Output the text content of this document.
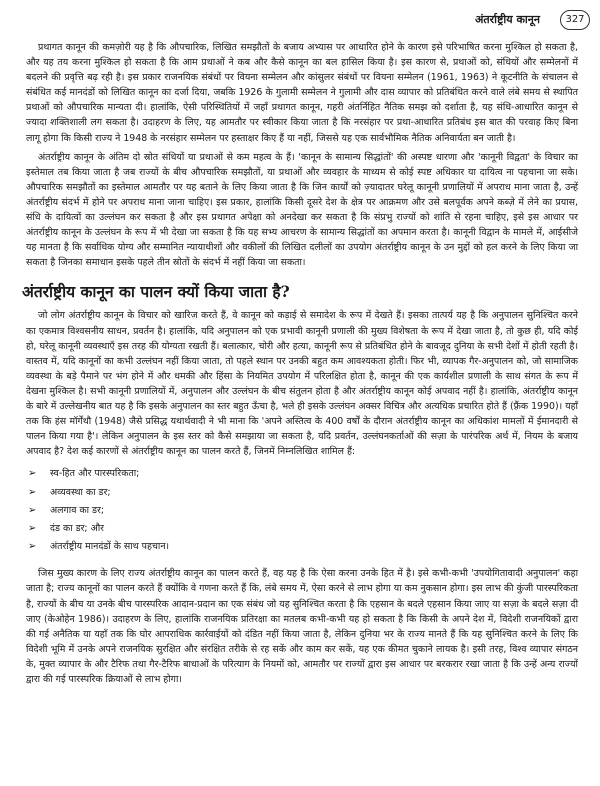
अंतर्राष्ट्रीय कानून	327

प्रथागत कानून की कमज़ोरी यह है कि औपचारिक, लिखित समझौतों के बजाय अभ्यास पर आधारित होने के कारण इसे परिभाषित करना मुश्किल हो सकता है, और यह तय करना मुश्किल हो सकता है कि आम प्रथाओं ने कब और कैसे कानून का बल हासिल किया है। इस कारण से, प्रथाओं को, संधियों और सम्मेलनों में बदलने की प्रवृत्ति बढ़ रही है। इस प्रकार राजनयिक संबंधों पर वियना सम्मेलन और कांसुलर संबंधों पर वियना सम्मेलन (1961, 1963) ने कूटनीति के संचालन से संबंधित कई मानदंडों को लिखित कानून का दर्जा दिया, जबकि 1926 के गुलामी सम्मेलन ने गुलामी और दास व्यापार को प्रतिबंधित करने वाले लंबे समय से स्थापित प्रथाओं को औपचारिक मान्यता दी। हालांकि, ऐसी परिस्थितियों में जहाँ प्रथागत कानून, गहरी अंतर्निहित नैतिक समझ को दर्शाता है, यह संधि-आधारित कानून से ज्यादा शक्तिशाली लग सकता है। उदाहरण के लिए, यह आमतौर पर स्वीकार किया जाता है कि नरसंहार पर प्रथा-आधारित प्रतिबंध इस बात की परवाह किए बिना लागू होगा कि किसी राज्य ने 1948 के नरसंहार सम्मेलन पर हस्ताक्षर किए हैं या नहीं, जिससे यह एक सार्वभौमिक नैतिक अनिवार्यता बन जाती है।

अंतर्राष्ट्रीय कानून के अंतिम दो स्रोत संधियों या प्रथाओं से कम महत्व के हैं। 'कानून के सामान्य सिद्धांतों' की अस्पष्ट धारणा और 'कानूनी विद्वता' के विचार का इस्तेमाल तब किया जाता है जब राज्यों के बीच औपचारिक समझौतों, या प्रथाओं और व्यवहार के माध्यम से कोई स्पष्ट अधिकार या दायित्व ना पहचाना जा सके। औपचारिक समझौतों का इस्तेमाल आमतौर पर यह बताने के लिए किया जाता है कि जिन कार्यों को ज़्यादातर घरेलू कानूनी प्रणालियों में अपराध माना जाता है, उन्हें अंतर्राष्ट्रीय संदर्भ में होने पर अपराध माना जाना चाहिए। इस प्रकार, हालांकि किसी दूसरे देश के क्षेत्र पर आक्रमण और उसे बलपूर्वक अपने कब्ज़े में लेने का प्रयास, संधि के दायित्वों का उल्लंघन कर सकता है और इस प्रथागत अपेक्षा को अनदेखा कर सकता है कि संप्रभु राज्यों को शांति से रहना चाहिए, इसे इस आधार पर अंतर्राष्ट्रीय कानून के उल्लंघन के रूप में भी देखा जा सकता है कि यह सभ्य आचरण के सामान्य सिद्धांतों का अपमान करता है। कानूनी विद्वान के मामले में, आईसीजे यह मानता है कि सर्वाधिक योग्य और सम्मानित न्यायाधीशों और वकीलों की लिखित दलीलों का उपयोग अंतर्राष्ट्रीय कानून के उन मुद्दों को हल करने के लिए किया जा सकता है जिनका समाधान इसके पहले तीन स्रोतों के संदर्भ में नहीं किया जा सकता।

अंतर्राष्ट्रीय कानून का पालन क्यों किया जाता है?

जो लोग अंतर्राष्ट्रीय कानून के विचार को खारिज करते हैं, वे कानून को कड़ाई से समादेश के रूप में देखते हैं। इसका तात्पर्य यह है कि अनुपालन सुनिश्चित करने का एकमात्र विश्वसनीय साधन, प्रवर्तन है। हालांकि, यदि अनुपालन को एक प्रभावी कानूनी प्रणाली की मुख्य विशेषता के रूप में देखा जाता है, तो कुछ ही, यदि कोई हो, घरेलू कानूनी व्यवस्थाएँ इस तरह की योग्यता रखती हैं। बलात्कार, चोरी और हत्या, कानूनी रूप से प्रतिबंधित होने के बावजूद दुनिया के सभी देशों में होती रहती है। वास्तव में, यदि कानूनों का कभी उल्लंघन नहीं किया जाता, तो पहले स्थान पर उनकी बहुत कम आवश्यकता होती। फिर भी, व्यापक गैर-अनुपालन को, जो सामाजिक व्यवस्था के बड़े पैमाने पर भंग होने में और धमकी और हिंसा के नियमित उपयोग में परिलक्षित होता है, कानून की एक कार्यशील प्रणाली के साथ संगत के रूप में देखना मुश्किल है। सभी कानूनी प्रणालियों में, अनुपालन और उल्लंघन के बीच संतुलन होता है और अंतर्राष्ट्रीय कानून कोई अपवाद नहीं है। हालांकि, अंतर्राष्ट्रीय कानून के बारे में उल्लेखनीय बात यह है कि इसके अनुपालन का स्तर बहुत ऊँचा है, भले ही इसके उल्लंघन अक्सर विचित्र और अत्यधिक प्रचारित होते हैं (फ़्रैंक 1990)। यहाँ तक कि हंस मॉर्गेंथौ (1948) जैसे प्रसिद्ध यथार्थवादी ने भी माना कि 'अपने अस्तित्व के 400 वर्षों के दौरान अंतर्राष्ट्रीय कानून का अधिकांश मामलों में ईमानदारी से पालन किया गया है'। लेकिन अनुपालन के इस स्तर को कैसे समझाया जा सकता है, यदि प्रवर्तन, उल्लंघनकर्ताओं की सज़ा के पारंपरिक अर्थ में, नियम के बजाय अपवाद है? देश कई कारणों से अंतर्राष्ट्रीय कानून का पालन करते हैं, जिनमें निम्नलिखित शामिल हैं:

➢ स्व-हित और पारस्परिकता;
➢ अव्यवस्था का डर;
➢ अलगाव का डर;
➢ दंड का डर; और
➢ अंतर्राष्ट्रीय मानदंडों के साथ पहचान।

जिस मुख्य कारण के लिए राज्य अंतर्राष्ट्रीय कानून का पालन करते हैं, वह यह है कि ऐसा करना उनके हित में है। इसे कभी-कभी 'उपयोगितावादी अनुपालन' कहा जाता है; राज्य कानूनों का पालन करते हैं क्योंकि वे गणना करते हैं कि, लंबे समय में, ऐसा करने से लाभ होगा या कम नुकसान होगा। इस लाभ की कुंजी पारस्परिकता है, राज्यों के बीच या उनके बीच पारस्परिक आदान-प्रदान का एक संबंध जो यह सुनिश्चित करता है कि एहसान के बदले एहसान किया जाए या सज़ा के बदले सज़ा दी जाए (केओहेन 1986)। उदाहरण के लिए, हालांकि राजनयिक प्रतिरक्षा का मतलब कभी-कभी यह हो सकता है कि किसी के अपने देश में, विदेशी राजनयिकों द्वारा की गई अनैतिक या यहाँ तक कि घोर आपराधिक कार्रवाईयों को दंडित नहीं किया जाता है, लेकिन दुनिया भर के राज्य मानते हैं कि यह सुनिश्चित करने के लिए कि विदेशी भूमि में उनके अपने राजनयिक सुरक्षित और संरक्षित तरीके से रह सकें और काम कर सकें, यह एक कीमत चुकाने लायक है। इसी तरह, विश्व व्यापार संगठन के, मुक्त व्यापार के और टैरिफ तथा गैर-टैरिफ बाधाओं के परित्याग के नियमों को, आमतौर पर राज्यों द्वारा इस आधार पर बरकरार रखा जाता है कि उन्हें अन्य राज्यों द्वारा की गई पारस्परिक क्रियाओं से लाभ होगा।
